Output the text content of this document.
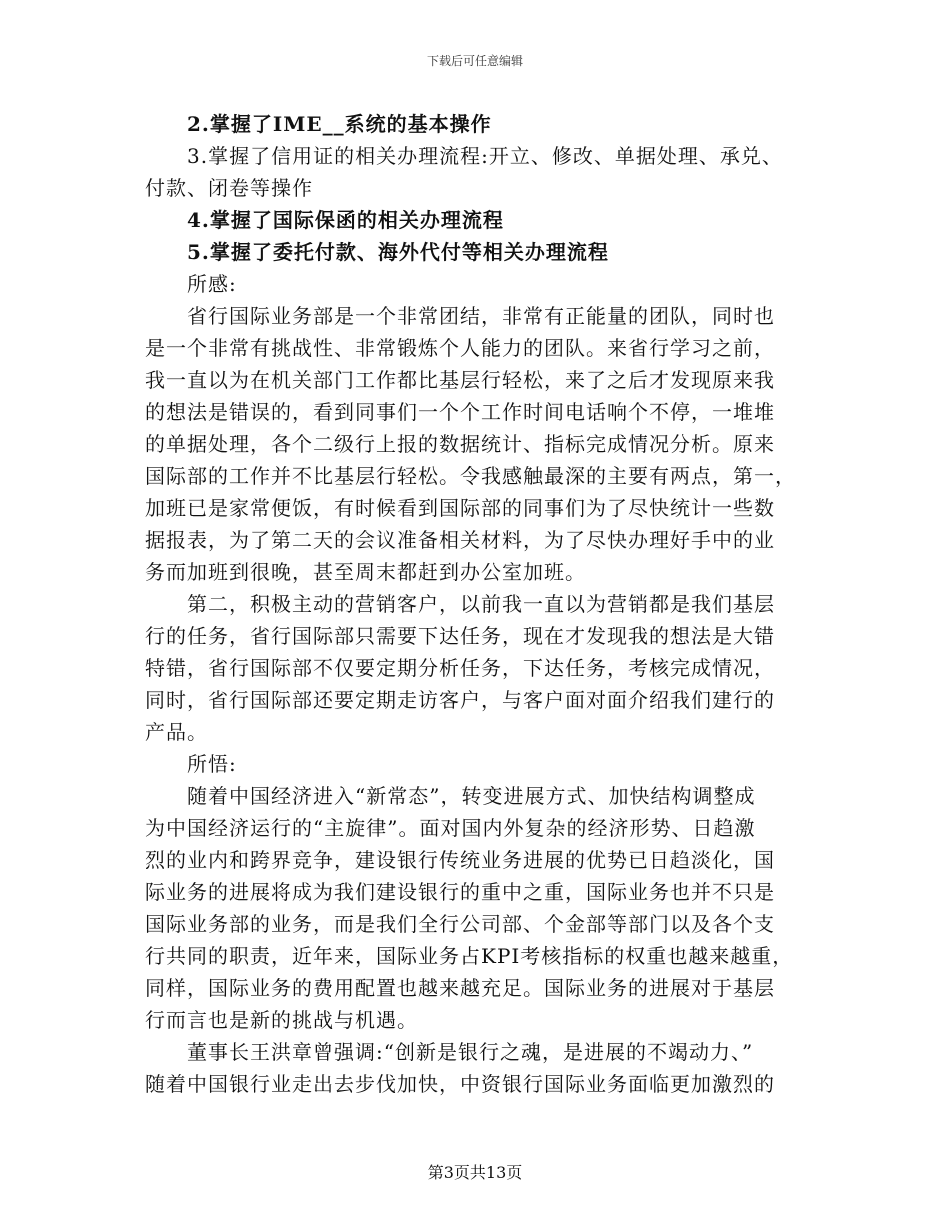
下载后可任意编辑
2.掌握了IME__系统的基本操作
3.掌握了信用证的相关办理流程:开立、修改、单据处理、承兑、
付款、闭卷等操作
4.掌握了国际保函的相关办理流程
5.掌握了委托付款、海外代付等相关办理流程
所感:
省行国际业务部是一个非常团结，非常有正能量的团队，同时也
是一个非常有挑战性、非常锻炼个人能力的团队。来省行学习之前，
我一直以为在机关部门工作都比基层行轻松，来了之后才发现原来我
的想法是错误的，看到同事们一个个工作时间电话响个不停，一堆堆
的单据处理，各个二级行上报的数据统计、指标完成情况分析。原来
国际部的工作并不比基层行轻松。令我感触最深的主要有两点，第一，
加班已是家常便饭，有时候看到国际部的同事们为了尽快统计一些数
据报表，为了第二天的会议准备相关材料，为了尽快办理好手中的业
务而加班到很晚，甚至周末都赶到办公室加班。
第二，积极主动的营销客户，以前我一直以为营销都是我们基层
行的任务，省行国际部只需要下达任务，现在才发现我的想法是大错
特错，省行国际部不仅要定期分析任务，下达任务，考核完成情况，
同时，省行国际部还要定期走访客户，与客户面对面介绍我们建行的
产品。
所悟:
随着中国经济进入“新常态”，转变进展方式、加快结构调整成
为中国经济运行的“主旋律”。面对国内外复杂的经济形势、日趋激
烈的业内和跨界竞争，建设银行传统业务进展的优势已日趋淡化，国
际业务的进展将成为我们建设银行的重中之重，国际业务也并不只是
国际业务部的业务，而是我们全行公司部、个金部等部门以及各个支
行共同的职责，近年来，国际业务占KPI考核指标的权重也越来越重，
同样，国际业务的费用配置也越来越充足。国际业务的进展对于基层
行而言也是新的挑战与机遇。
董事长王洪章曾强调:“创新是银行之魂，是进展的不竭动力、”
随着中国银行业走出去步伐加快，中资银行国际业务面临更加激烈的
第3页共13页
